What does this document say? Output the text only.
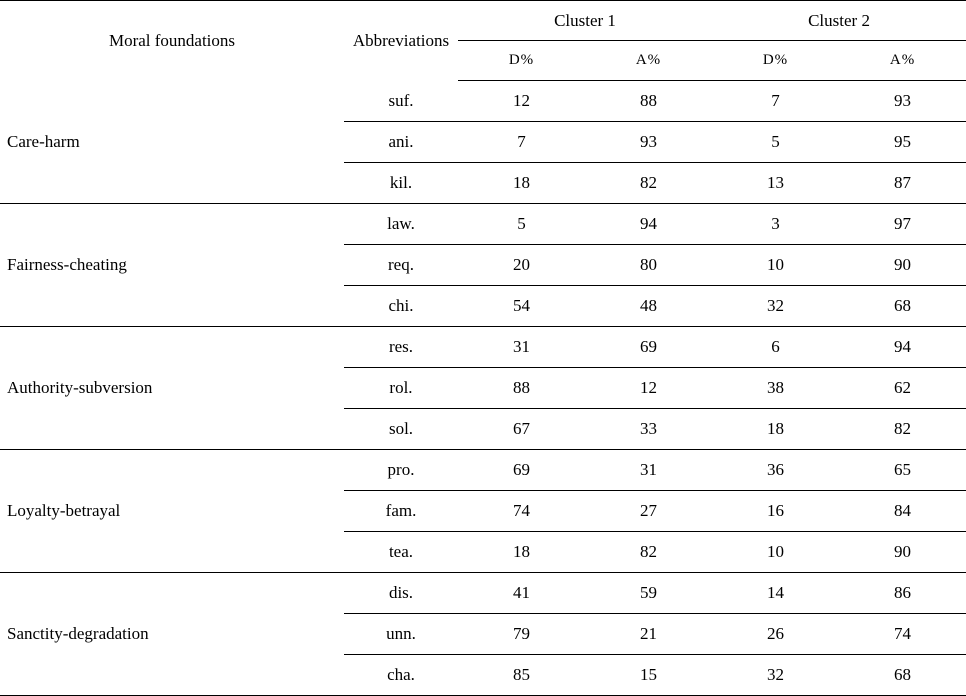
Moral foundations	Abbreviations	Cluster 1		Cluster 2	
		D%	A%	D%	A%
Care-harm	suf.	12	88	7	93
	ani.	7	93	5	95
	kil.	18	82	13	87
Fairness-cheating	law.	5	94	3	97
	req.	20	80	10	90
	chi.	54	48	32	68
Authority-subversion	res.	31	69	6	94
	rol.	88	12	38	62
	sol.	67	33	18	82
Loyalty-betrayal	pro.	69	31	36	65
	fam.	74	27	16	84
	tea.	18	82	10	90
Sanctity-degradation	dis.	41	59	14	86
	unn.	79	21	26	74
	cha.	85	15	32	68
